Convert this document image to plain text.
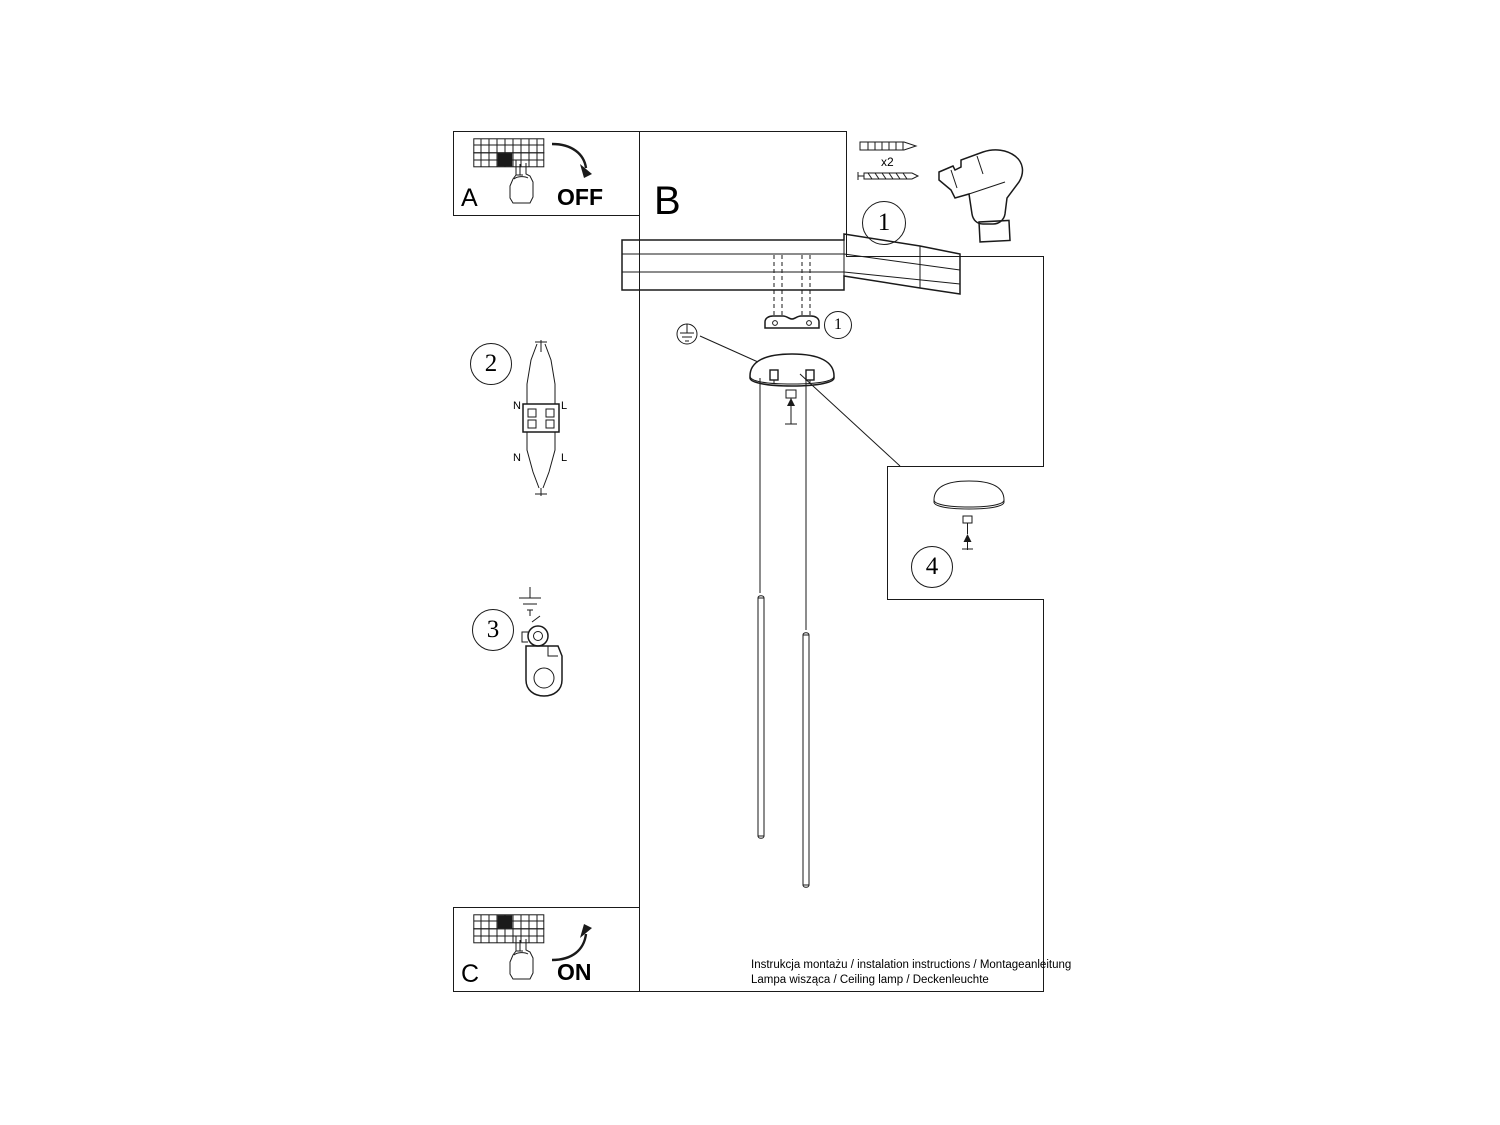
A	OFF B
x2
1
1
4
2
N	L
N	L
3
C	ON	Instrukcja montażu / instalation instructions / Montageanleitung
Lampa wisząca / Ceiling lamp / Deckenleuchte
